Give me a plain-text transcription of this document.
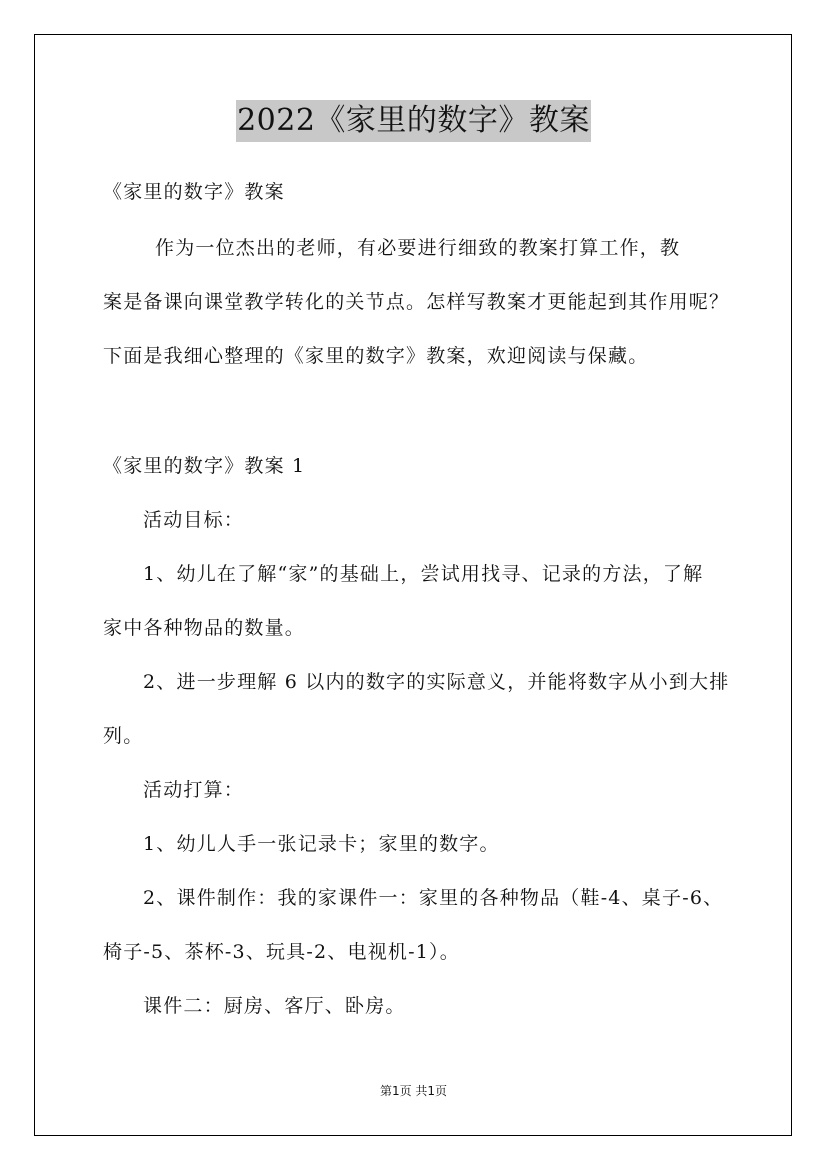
2022《家里的数字》教案
《家里的数字》教案
作为一位杰出的老师，有必要进行细致的教案打算工作，教
案是备课向课堂教学转化的关节点。怎样写教案才更能起到其作用呢？
下面是我细心整理的《家里的数字》教案，欢迎阅读与保藏。
《家里的数字》教案 1
活动目标：
1、幼儿在了解“家”的基础上，尝试用找寻、记录的方法，了解
家中各种物品的数量。
2、进一步理解 6 以内的数字的实际意义，并能将数字从小到大排
列。
活动打算：
1、幼儿人手一张记录卡；家里的数字。
2、课件制作：我的家课件一：家里的各种物品（鞋-4、桌子-6、
椅子-5、茶杯-3、玩具-2、电视机-1）。
课件二：厨房、客厅、卧房。
第1页 共1页
